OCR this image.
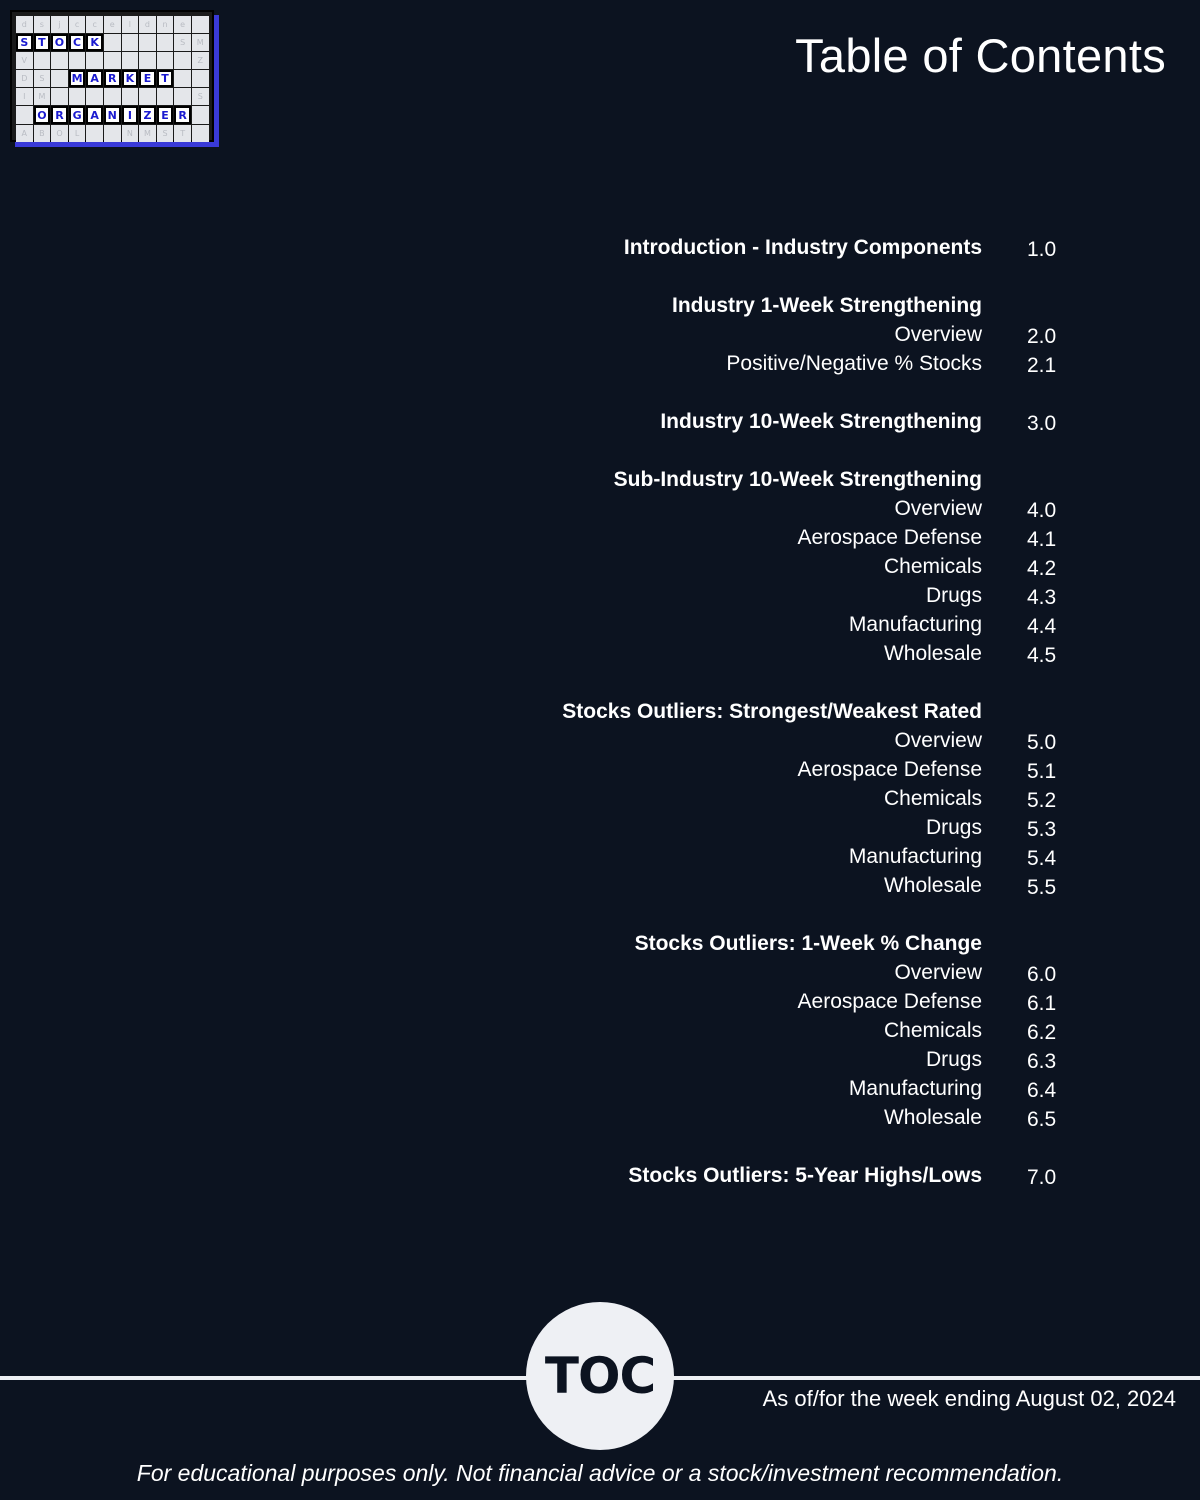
d	s	j	c	c	e	l	d	n	e
S T O C K	S	M
V	Z
D	S	M A R K E T
I	M	S
O R G A N I	Z E R
A	B	O	L	N	M	S	T
Table of Contents
Introduction - Industry Components 1.0
Industry 1-Week Strengthening
Overview 2.0
Positive/Negative % Stocks 2.1
Industry 10-Week Strengthening 3.0
Sub-Industry 10-Week Strengthening
Overview 4.0
Aerospace Defense 4.1
Chemicals 4.2
Drugs 4.3
Manufacturing 4.4
Wholesale 4.5
Stocks Outliers: Strongest/Weakest Rated
Overview 5.0
Aerospace Defense 5.1
Chemicals 5.2
Drugs 5.3
Manufacturing 5.4
Wholesale 5.5
Stocks Outliers: 1-Week % Change
Overview 6.0
Aerospace Defense 6.1
Chemicals 6.2
Drugs 6.3
Manufacturing 6.4
Wholesale 6.5
Stocks Outliers: 5-Year Highs/Lows 7.0
TOC	As of/for the week ending August 02, 2024
For educational purposes only. Not financial advice or a stock/investment recommendation.
